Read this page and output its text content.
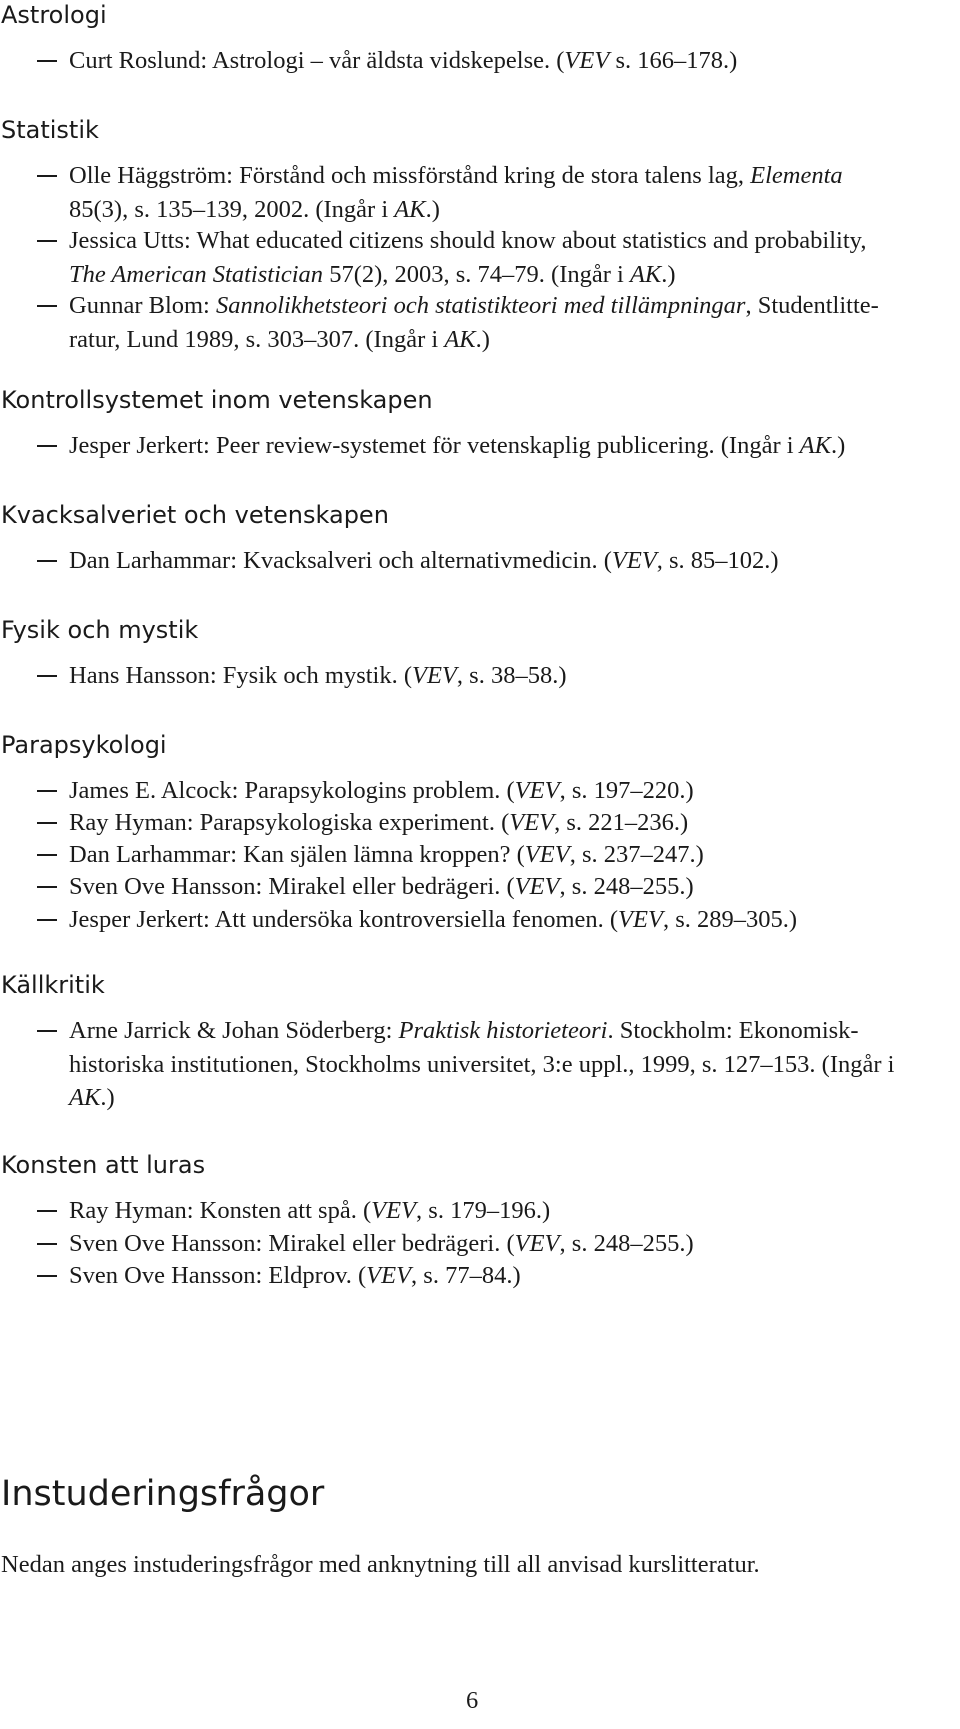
Instuderingsfrågor
Nedan anges instuderingsfrågor med anknytning till all anvisad kurslitteratur.
6
Astrologi
Curt Roslund: Astrologi – vår äldsta vidskepelse. (VEV s. 166–178.)
Statistik
Olle Häggström: Förstånd och missförstånd kring de stora talens lag, Elementa
85(3), s. 135–139, 2002. (Ingår i AK.)
Jessica Utts: What educated citizens should know about statistics and probability,
The American Statistician 57(2), 2003, s. 74–79. (Ingår i AK.)
Gunnar Blom: Sannolikhetsteori och statistikteori med tillämpningar, Studentlitte-
ratur, Lund 1989, s. 303–307. (Ingår i AK.)
Kontrollsystemet inom vetenskapen
Jesper Jerkert: Peer review-systemet för vetenskaplig publicering. (Ingår i AK.)
Kvacksalveriet och vetenskapen
Dan Larhammar: Kvacksalveri och alternativmedicin. (VEV, s. 85–102.)
Fysik och mystik
Hans Hansson: Fysik och mystik. (VEV, s. 38–58.)
Parapsykologi
James E. Alcock: Parapsykologins problem. (VEV, s. 197–220.)
Ray Hyman: Parapsykologiska experiment. (VEV, s. 221–236.)
Dan Larhammar: Kan själen lämna kroppen? (VEV, s. 237–247.)
Sven Ove Hansson: Mirakel eller bedrägeri. (VEV, s. 248–255.)
Jesper Jerkert: Att undersöka kontroversiella fenomen. (VEV, s. 289–305.)
Källkritik
Arne Jarrick & Johan Söderberg: Praktisk historieteori. Stockholm: Ekonomisk-
historiska institutionen, Stockholms universitet, 3:e uppl., 1999, s. 127–153. (Ingår i
AK.)
Konsten att luras
Ray Hyman: Konsten att spå. (VEV, s. 179–196.)
Sven Ove Hansson: Mirakel eller bedrägeri. (VEV, s. 248–255.)
Sven Ove Hansson: Eldprov. (VEV, s. 77–84.)
